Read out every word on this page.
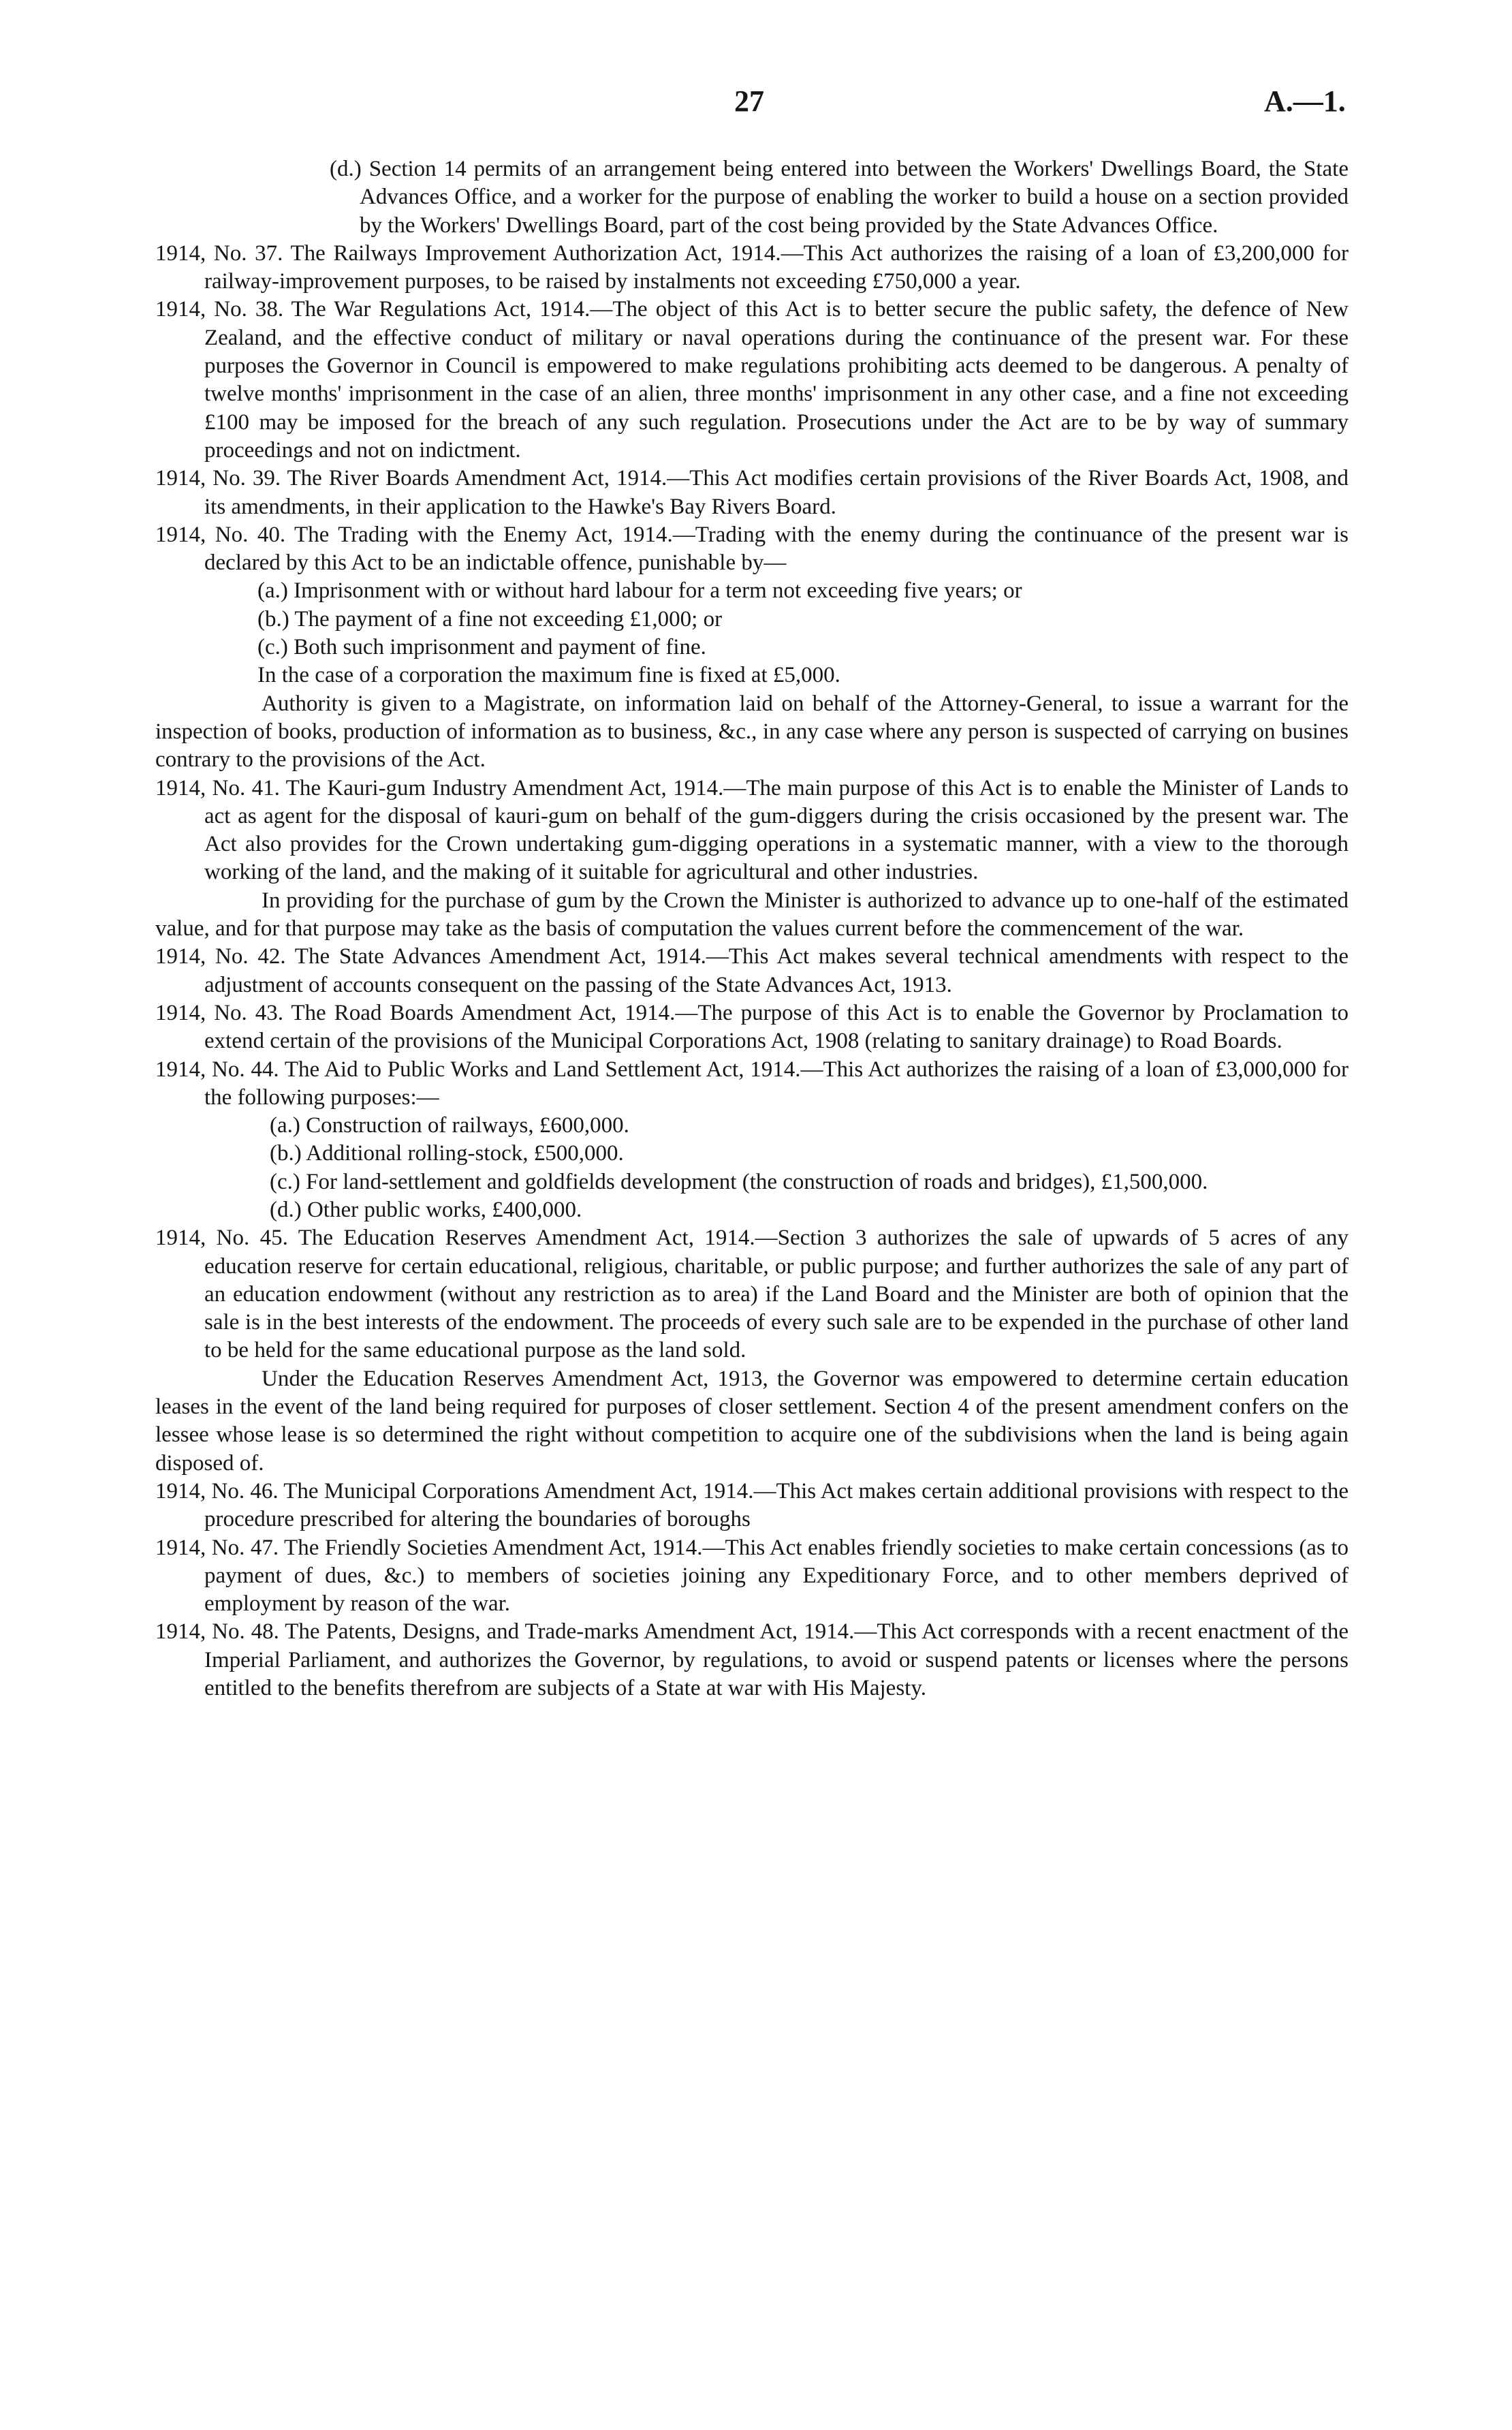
27	A.—1.

(d.) Section 14 permits of an arrangement being entered into between the Workers' Dwellings Board, the State Advances Office, and a worker for the purpose of enabling the worker to build a house on a section provided by the Workers' Dwellings Board, part of the cost being provided by the State Advances Office.

1914, No. 37. The Railways Improvement Authorization Act, 1914.—This Act authorizes the raising of a loan of £3,200,000 for railway-improvement purposes, to be raised by instalments not exceeding £750,000 a year.

1914, No. 38. The War Regulations Act, 1914.—The object of this Act is to better secure the public safety, the defence of New Zealand, and the effective conduct of military or naval operations during the continuance of the present war. For these purposes the Governor in Council is empowered to make regulations prohibiting acts deemed to be dangerous. A penalty of twelve months' imprisonment in the case of an alien, three months' imprisonment in any other case, and a fine not exceeding £100 may be imposed for the breach of any such regulation. Prosecutions under the Act are to be by way of summary proceedings and not on indictment.

1914, No. 39. The River Boards Amendment Act, 1914.—This Act modifies certain provisions of the River Boards Act, 1908, and its amendments, in their application to the Hawke's Bay Rivers Board.

1914, No. 40. The Trading with the Enemy Act, 1914.—Trading with the enemy during the continuance of the present war is declared by this Act to be an indictable offence, punishable by—

(a.) Imprisonment with or without hard labour for a term not exceeding five years; or

(b.) The payment of a fine not exceeding £1,000; or

(c.) Both such imprisonment and payment of fine.

In the case of a corporation the maximum fine is fixed at £5,000.

Authority is given to a Magistrate, on information laid on behalf of the Attorney-General, to issue a warrant for the inspection of books, production of information as to business, &c., in any case where any person is suspected of carrying on busines contrary to the provisions of the Act.

1914, No. 41. The Kauri-gum Industry Amendment Act, 1914.—The main purpose of this Act is to enable the Minister of Lands to act as agent for the disposal of kauri-gum on behalf of the gum-diggers during the crisis occasioned by the present war. The Act also provides for the Crown undertaking gum-digging operations in a systematic manner, with a view to the thorough working of the land, and the making of it suitable for agricultural and other industries.

In providing for the purchase of gum by the Crown the Minister is authorized to advance up to one-half of the estimated value, and for that purpose may take as the basis of computation the values current before the commencement of the war.

1914, No. 42. The State Advances Amendment Act, 1914.—This Act makes several technical amendments with respect to the adjustment of accounts consequent on the passing of the State Advances Act, 1913.

1914, No. 43. The Road Boards Amendment Act, 1914.—The purpose of this Act is to enable the Governor by Proclamation to extend certain of the provisions of the Municipal Corporations Act, 1908 (relating to sanitary drainage) to Road Boards.

1914, No. 44. The Aid to Public Works and Land Settlement Act, 1914.—This Act authorizes the raising of a loan of £3,000,000 for the following purposes:—

(a.) Construction of railways, £600,000.

(b.) Additional rolling-stock, £500,000.

(c.) For land-settlement and goldfields development (the construction of roads and bridges), £1,500,000.

(d.) Other public works, £400,000.

1914, No. 45. The Education Reserves Amendment Act, 1914.—Section 3 authorizes the sale of upwards of 5 acres of any education reserve for certain educational, religious, charitable, or public purpose; and further authorizes the sale of any part of an education endowment (without any restriction as to area) if the Land Board and the Minister are both of opinion that the sale is in the best interests of the endowment. The proceeds of every such sale are to be expended in the purchase of other land to be held for the same educational purpose as the land sold.

Under the Education Reserves Amendment Act, 1913, the Governor was empowered to determine certain education leases in the event of the land being required for purposes of closer settlement. Section 4 of the present amendment confers on the lessee whose lease is so determined the right without competition to acquire one of the subdivisions when the land is being again disposed of.

1914, No. 46. The Municipal Corporations Amendment Act, 1914.—This Act makes certain additional provisions with respect to the procedure prescribed for altering the boundaries of boroughs

1914, No. 47. The Friendly Societies Amendment Act, 1914.—This Act enables friendly societies to make certain concessions (as to payment of dues, &c.) to members of societies joining any Expeditionary Force, and to other members deprived of employment by reason of the war.

1914, No. 48. The Patents, Designs, and Trade-marks Amendment Act, 1914.—This Act corresponds with a recent enactment of the Imperial Parliament, and authorizes the Governor, by regulations, to avoid or suspend patents or licenses where the persons entitled to the benefits therefrom are subjects of a State at war with His Majesty.
